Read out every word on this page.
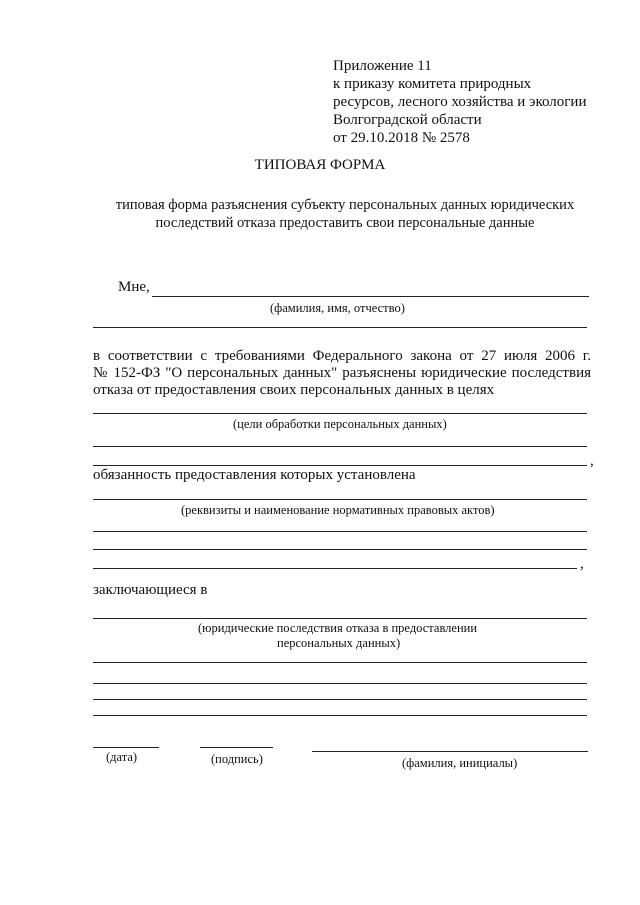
Приложение 11
к приказу комитета природных
ресурсов, лесного хозяйства и экологии
Волгоградской области
от 29.10.2018 № 2578
ТИПОВАЯ ФОРМА
типовая форма разъяснения субъекту персональных данных юридических
последствий отказа предоставить свои персональные данные
Мне,
(фамилия, имя, отчество)
в соответствии с требованиями Федерального закона от 27 июля 2006 г.
№ 152-ФЗ "О персональных данных" разъяснены юридические последствия
отказа от предоставления своих персональных данных в целях
(цели обработки персональных данных)
,
обязанность предоставления которых установлена
(реквизиты и наименование нормативных правовых актов)
,
заключающиеся в
(юридические последствия отказа в предоставлении
персональных данных)
(дата)	(подпись)	(фамилия, инициалы)
